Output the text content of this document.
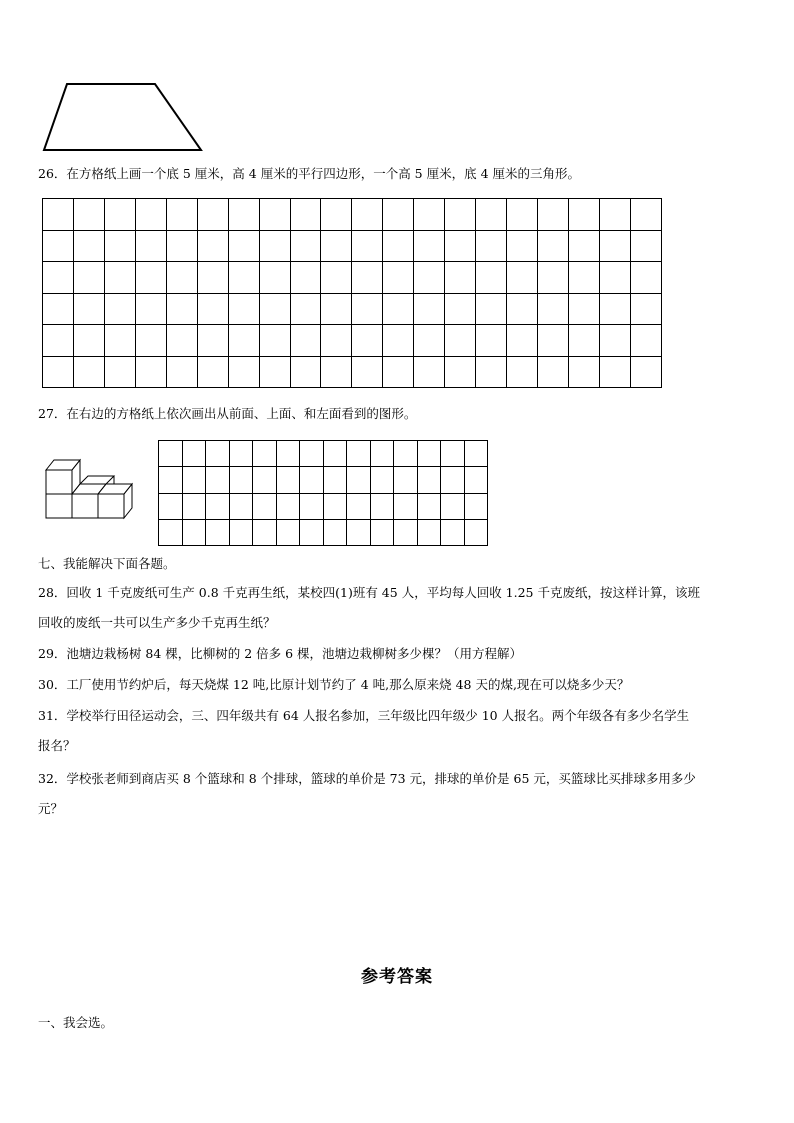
26．在方格纸上画一个底 5 厘米，高 4 厘米的平行四边形，一个高 5 厘米，底 4 厘米的三角形。

27．在右边的方格纸上依次画出从前面、上面、和左面看到的图形。

七、我能解决下面各题。
28．回收 1 千克废纸可生产 0.8 千克再生纸，某校四(1)班有 45 人，平均每人回收 1.25 千克废纸，按这样计算，该班
回收的废纸一共可以生产多少千克再生纸？
29．池塘边栽杨树 84 棵，比柳树的 2 倍多 6 棵，池塘边栽柳树多少棵？（用方程解）
30．工厂使用节约炉后，每天烧煤 12 吨,比原计划节约了 4 吨,那么原来烧 48 天的煤,现在可以烧多少天？
31．学校举行田径运动会，三、四年级共有 64 人报名参加，三年级比四年级少 10 人报名。两个年级各有多少名学生
报名？
32．学校张老师到商店买 8 个篮球和 8 个排球，篮球的单价是 73 元，排球的单价是 65 元，买篮球比买排球多用多少
元？
参考答案
一、我会选。
